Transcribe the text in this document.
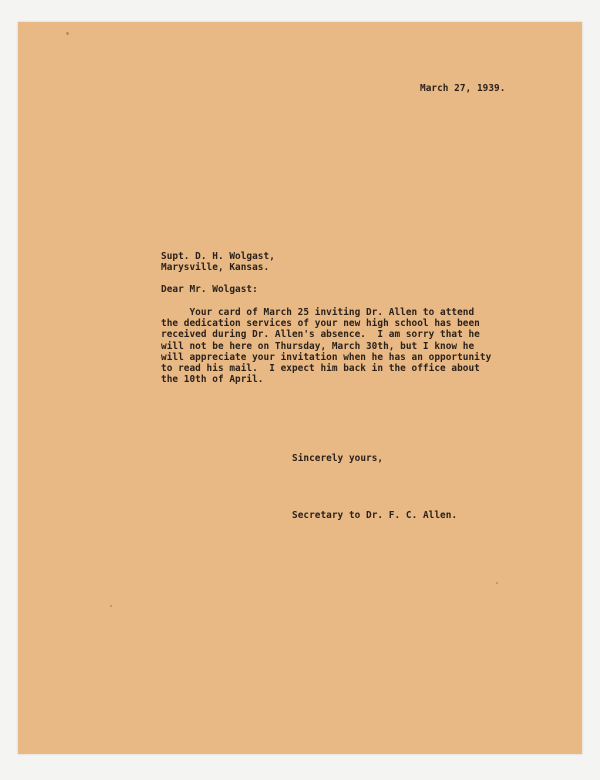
March 27, 1939.
Supt. D. H. Wolgast,
Marysville, Kansas.
Dear Mr. Wolgast:
Your card of March 25 inviting Dr. Allen to attend
the dedication services of your new high school has been
received during Dr. Allen's absence.  I am sorry that he
will not be here on Thursday, March 30th, but I know he
will appreciate your invitation when he has an opportunity
to read his mail.  I expect him back in the office about
the 10th of April.
Sincerely yours,
Secretary to Dr. F. C. Allen.
